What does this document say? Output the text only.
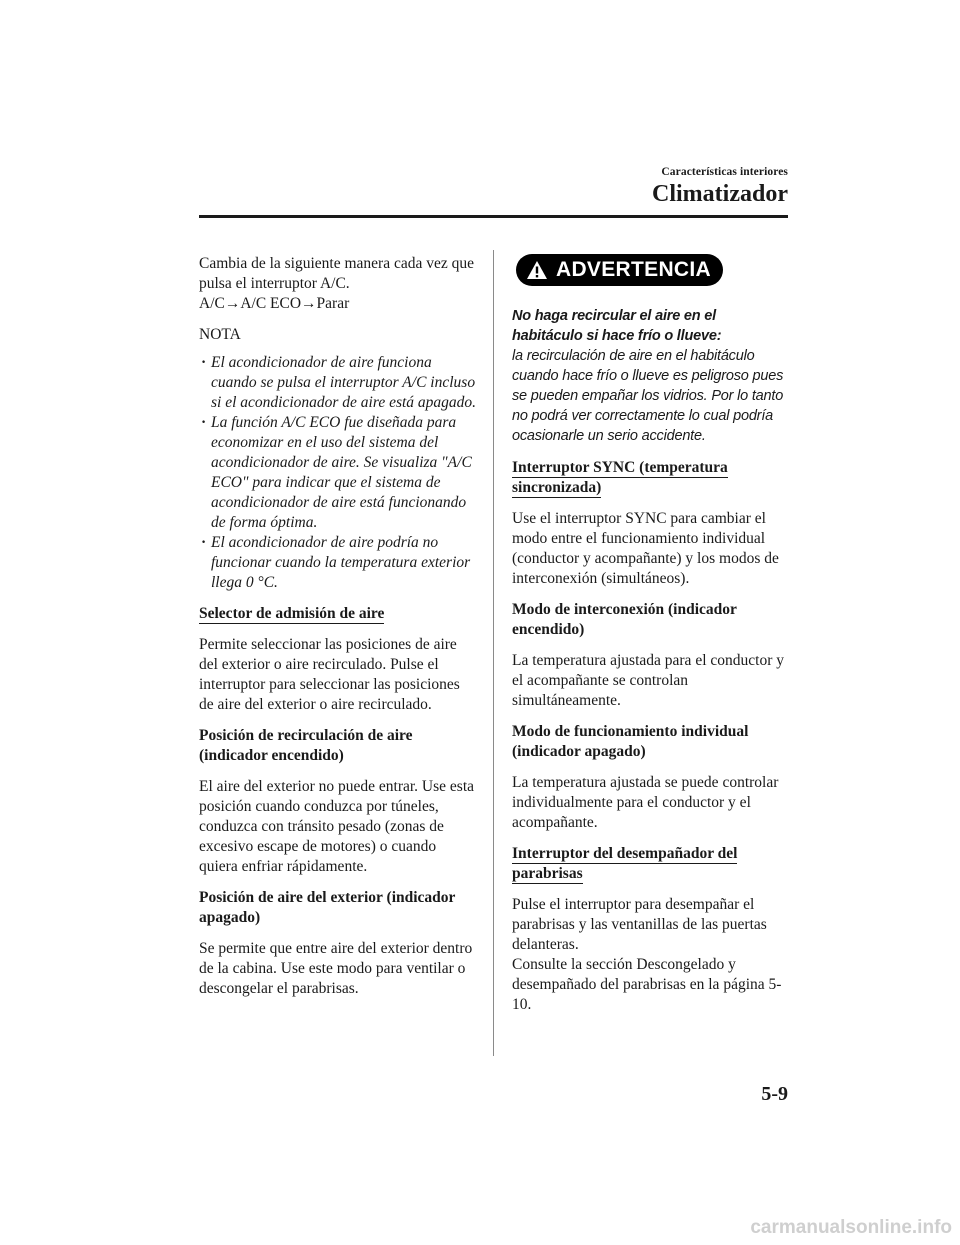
Características interiores
Climatizador

Cambia de la siguiente manera cada vez que pulsa el interruptor A/C.
A/C→A/C ECO→Parar

NOTA

· El acondicionador de aire funciona cuando se pulsa el interruptor A/C incluso si el acondicionador de aire está apagado.
· La función A/C ECO fue diseñada para economizar en el uso del sistema del acondicionador de aire. Se visualiza "A/C ECO" para indicar que el sistema de acondicionador de aire está funcionando de forma óptima.
· El acondicionador de aire podría no funcionar cuando la temperatura exterior llega 0 °C.

Selector de admisión de aire

Permite seleccionar las posiciones de aire del exterior o aire recirculado. Pulse el interruptor para seleccionar las posiciones de aire del exterior o aire recirculado.

Posición de recirculación de aire (indicador encendido)

El aire del exterior no puede entrar. Use esta posición cuando conduzca por túneles, conduzca con tránsito pesado (zonas de excesivo escape de motores) o cuando quiera enfriar rápidamente.

Posición de aire del exterior (indicador apagado)

Se permite que entre aire del exterior dentro de la cabina. Use este modo para ventilar o descongelar el parabrisas.

ADVERTENCIA

No haga recircular el aire en el habitáculo si hace frío o llueve:
la recirculación de aire en el habitáculo cuando hace frío o llueve es peligroso pues se pueden empañar los vidrios. Por lo tanto no podrá ver correctamente lo cual podría ocasionarle un serio accidente.

Interruptor SYNC (temperatura sincronizada)

Use el interruptor SYNC para cambiar el modo entre el funcionamiento individual (conductor y acompañante) y los modos de interconexión (simultáneos).

Modo de interconexión (indicador encendido)

La temperatura ajustada para el conductor y el acompañante se controlan simultáneamente.

Modo de funcionamiento individual (indicador apagado)

La temperatura ajustada se puede controlar individualmente para el conductor y el acompañante.

Interruptor del desempañador del parabrisas

Pulse el interruptor para desempañar el parabrisas y las ventanillas de las puertas delanteras.
Consulte la sección Descongelado y desempañado del parabrisas en la página 5-10.

5-9
carmanualsonline.info
